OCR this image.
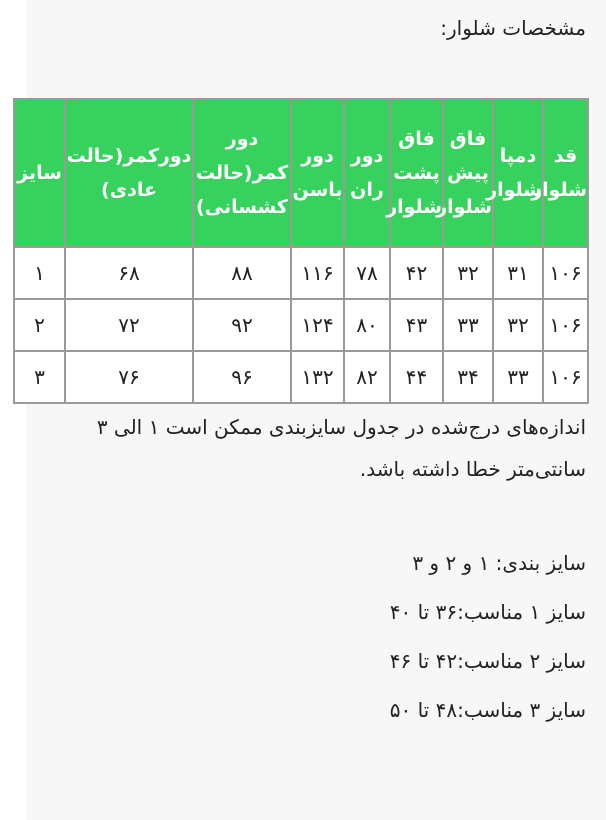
مشخصات شلوار:
قد شلوار	دمپا شلوار	فاق پیش شلوار	فاق پشت شلوار	دور ران	دور باسن	دور کمر(حالت کشسانی)	دورکمر(حالت عادی)	سایز
۱۰۶	۳۱	۳۲	۴۲	۷۸	۱۱۶	۸۸	۶۸	۱
۱۰۶	۳۲	۳۳	۴۳	۸۰	۱۲۴	۹۲	۷۲	۲
۱۰۶	۳۳	۳۴	۴۴	۸۲	۱۳۲	۹۶	۷۶	۳
اندازه‌های درج‌شده در جدول سایزبندی ممکن است ۱ الی ۳ سانتی‌متر خطا داشته باشد.
سایز بندی: ۱ و ۲ و ۳
سایز ۱ مناسب:۳۶ تا ۴۰
سایز ۲ مناسب:۴۲ تا ۴۶
سایز ۳ مناسب:۴۸ تا ۵۰
